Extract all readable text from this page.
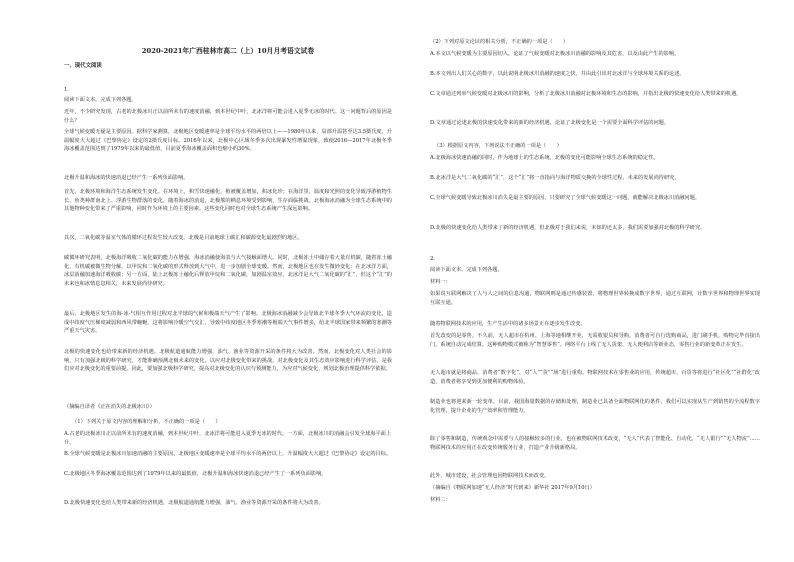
2020-2021年广西桂林市高二（上）10月月考语文试卷
一、现代文阅读

1.

阅读下面文本，完成下列各题。

近年，不少研究发现，古老的北极冰川正以前所未有的速度消融，到本世纪中叶，北冰洋将可能会进入夏季无冰的时代。这一问题背后的原因是什么？

全球气候变暖无疑是主要原因。据科学家测算，北极地区变暖速率是全球平均水平的两倍以上——1980年以来，局部升温甚至达3.5摄氏度，升温幅度大大超过《巴黎协定》设定的2摄氏度目标。2016年以来，北极中心区域冬季多次出现暴发性增温现象，致使2016—2017年北极冬季海冰覆盖范围达到了1979年以来的最低值，目前夏季海冰覆盖面积也缩小约30%。

北极升温和海冰的快速消退已经产生一系列负面影响。

首先，北极环境和海洋生态系统发生变化。在环境上，积雪快速融化，植被覆盖增加，积冰化珍；在海洋里，温度和光照的变化导致浮游植物生长、鱼类种群南北上、浮游生物群落的变化，随着海冰的消退，北极熊的栖息环境受到影响，生存面临挑战。北极海冰消融为全球生态系统中的其他物种变化带来了严重影响，同时作为环境上的主要因素。这些变化同时也对全球生态系统产生深远影响。

其次，二氧化碳等温室气体的循环过程发生较大改变。北极是目前地球上碳汇和碳源变化最剧烈的地区。

碳循环研究表明，北极海洋吸收二氧化碳的能力在增强，海冰消融使海表与大气接触面增大。同时，北极冻土中储存着大量有机碳，随着冻土融化，有机碳被微生物分解，以甲烷和二氧化碳的形式释放到大气中，进一步加剧全球变暖。然而，北极地区也在发生微妙变化：在北冰洋方面，冰层消融加速海洋吸收碳；另一方面，陆上北极冻土融化后释放甲烷和二氧化碳，加剧温室效应。北冰洋是大气二氧化碳的“汇”，但这个“汇”的未来也和冰情息息相关，未来发展尚待研究。

最后，北极地区发生的海-冰-气相互作用过程对北半球的气候和极端天气产生了影响。北极海冰消融减少会导致北半球冬季大气环流的变化，造成中纬度气压梯度减弱和西风带蜿蜒，这将影响冷暖空气交汇，导致中纬度地区冬季寒潮等极端天气事件增多，给北半球国家带来频繁的寒潮等严重天气灾害。

北极的快速变化也给带来新的经济机遇。北极航道通航能力增强，油气、渔业等资源开采的条件将大为改善。然而，北极变化对人类社会的影响，只有加强北极的科学研究，才能准确预测北极未来的变化，以应对北极变化带来的挑战。对北极变化及其生态效应影响进行科学评估，是我们应对北极变化的重要前提。因此，要加强北极科学研究，提高对北极变化的认识与预测能力，为应对气候变化、规划北极治理提供科学依据。

（摘编自译者《正在消失的北极冰川》）

（1）下列关于原文内容的理解和分析，不正确的一项是（　　）

A.古老的北极冰川正以前所未有的速度消融，到本世纪中叶，北冰洋将可能进入夏季无冰的时代，一方面，北极冰川的消融会引发全球海平面上升。

B.全球气候变暖是北极冰川加速消融的主要原因，北极地区变暖速率是全球平均水平的两倍以上，升温幅度大大超过《巴黎协定》设定的目标。

C.北极地区冬季海冰覆盖范围达到了1979年以来的最低值，北极升温和海冰快速消退已经产生了一系列负面影响。

D.北极快速变化也给人类带来新的经济机遇，北极航道通航能力增强，油气、渔业等资源开采的条件将大为改善。

（2）下列对原文论证的相关分析，不正确的一项是（　　）

A.本文以气候变暖为主要原因切入，论证了气候变暖对北极冰川消融的影响及其危害，以及由此产生的影响。

B.本文列出人们关心的数字，以此说明北极冰川消融的速度之快，并由此引出对北冰洋与全球环境关系的论述。

C.文章通过列举气候变暖对北极冰川的影响，分析了北极冰川消融对北极环境和生态的影响，并指出北极的快速变化给人类带来的机遇。

D.文章通过论述北极的快速变化带来的新的经济机遇，论证了北极变化是一个需要全面科学评估的问题。

（3）根据原文内容，下列说法不正确的一项是（　　）

A.北极海冰快速消融的同时，作为地球上的生态系统，北极的变化可能影响全球生态系统的稳定性。

B.北冰洋是大气二氧化碳的“汇”，这个“汇”将一直指向与海洋物质交换的全球性过程，未来的发展尚待研究。

C.全球气候变暖导致北极冰川消失是最主要的原因，只要研究了全球气候变暖这一问题，就能解决北极冰川消融问题。

D.北极的快速变化给人类带来了新的经济机遇，但北极对于我们来说，未知的还太多，我们需要加强对北极的科学研究。

2.

阅读下面文本，完成下列各题。

材料一：

如果说互联网解决了人与人之间的信息沟通，物联网则是通过传感装置，将物理世界转换成数字世界，通过互联网，让数字世界和物理世界实现互联互通。

随着物联网技术的应用，生产生活中的诸多场景正在逐步发生改变。

首先改变的是零售。不久前，无人超市在杭州、上海等地相继开业，无需收银员和导购，消费者可自行选购商品，进门刷手机，购物完毕直接出门，系统自动完成结算。这种购物模式被称为“智慧零售”。网络平台上线了无人货架、无人便利店等新业态，零售行业的新变革正在发生。

无人超市就是将商品、消费者“数字化”，对“人”“货”“场”进行重构。物联网技术在零售业的应用，传统超市、百货等将进行“社区化”“社群化”改造，消费者将享受到更加便利的购物体验。

制造业也将迎来新一轮变革。目前，我国海量数据的存储和处理，制造业已具备全面物联网化的条件，我们可以实现从生产到销售的全流程数字化管理，提升企业的生产效率和管理能力。

除了零售和制造，传统观念中需要与人的接触较多的行业，也在被物联网技术改变，“无人”代表了智能化、自动化，“无人银行”“无人物流”……物联网技术的应用正在改变传统服务行业，打造产业升级新格局。

此外，城市建设，社会管理也因物联网技术而改变。

（摘编自《物联网加速“无人经济”时代到来》新华社 2017年9月10日）

材料二：
